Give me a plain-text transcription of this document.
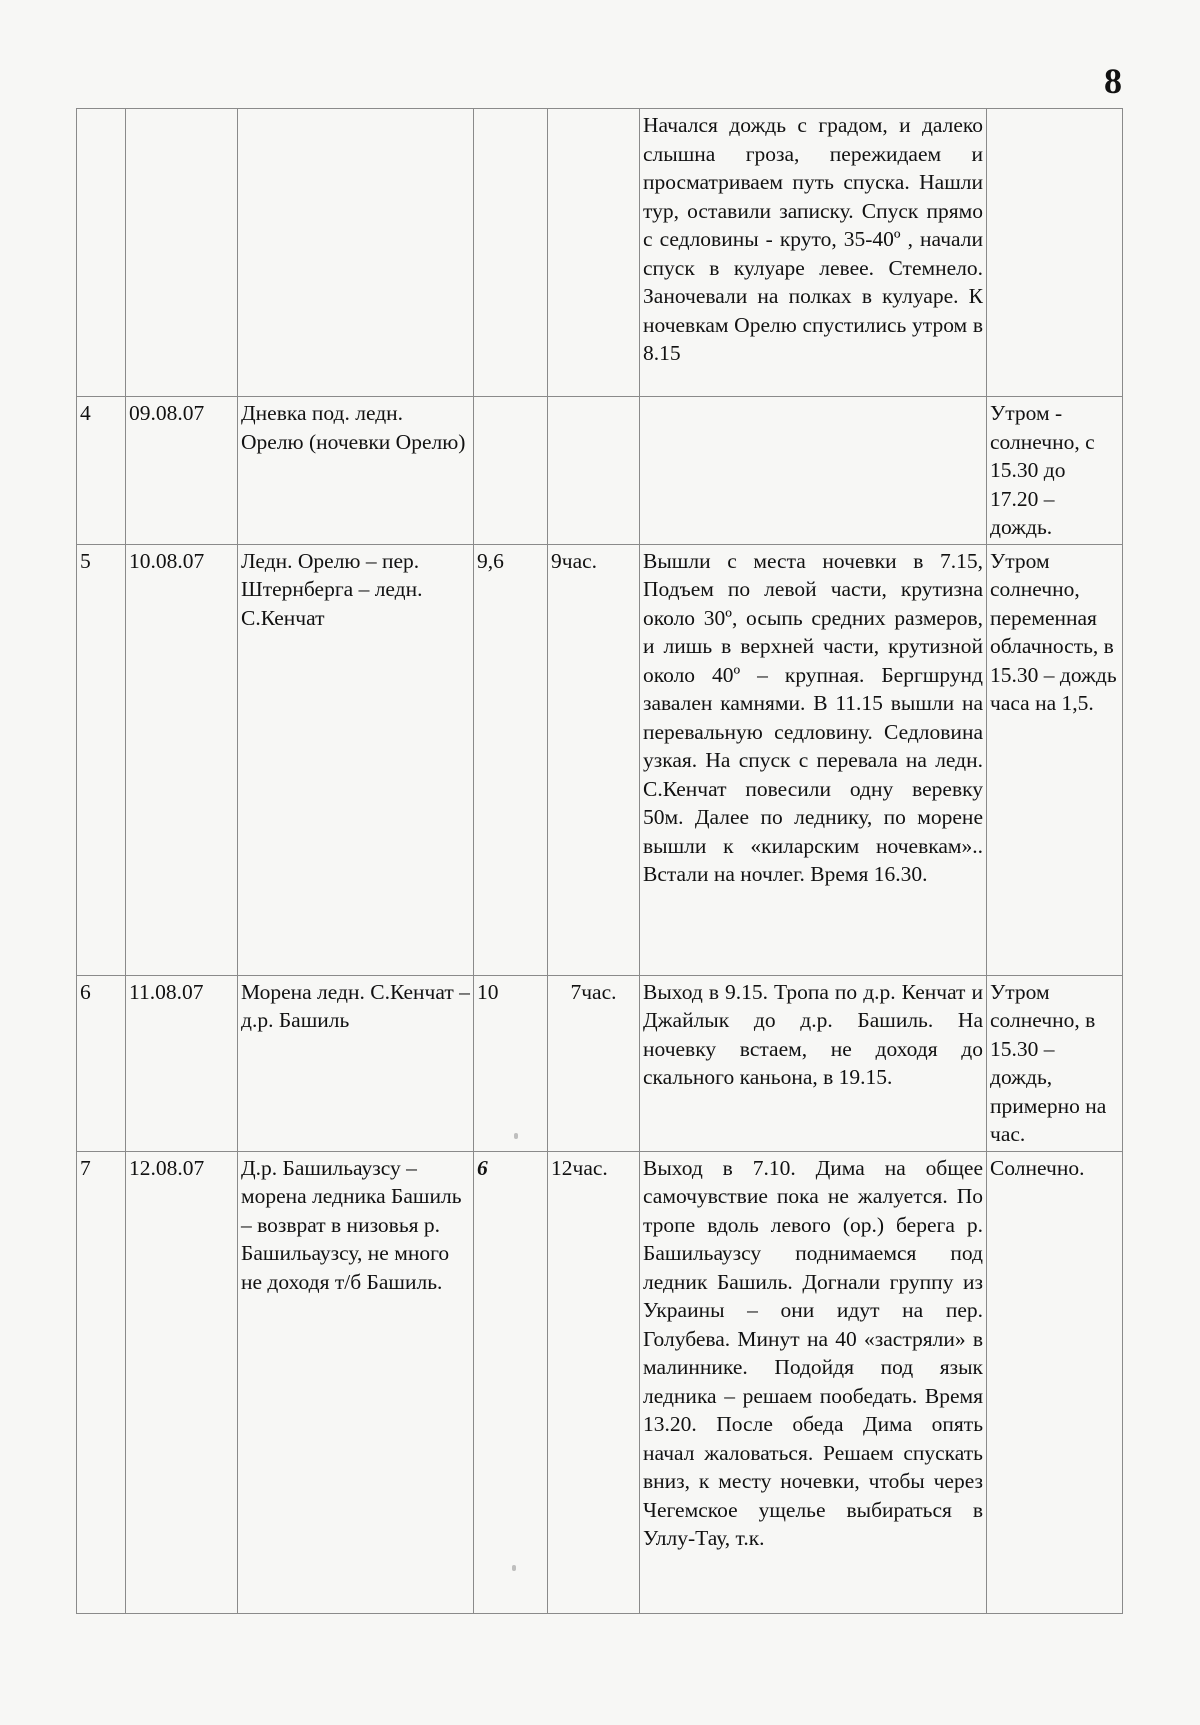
8
					Начался дождь с градом, и далеко слышна гроза, пережидаем и просматриваем путь спуска. Нашли тур, оставили записку. Спуск прямо с седловины - круто, 35-40º , начали спуск в кулуаре левее. Стемнело. Заночевали на полках в кулуаре. К ночевкам Орелю спустились утром в 8.15	
4	09.08.07	Дневка под. ледн. Орелю (ночевки Орелю)				Утром - солнечно, с 15.30 до 17.20 – дождь.
5	10.08.07	Ледн. Орелю – пер. Штернберга – ледн. С.Кенчат	9,6	9час.	Вышли с места ночевки в 7.15, Подъем по левой части, крутизна около 30º, осыпь средних размеров, и лишь в верхней части, крутизной около 40º – крупная. Бергшрунд завален камнями. В 11.15 вышли на перевальную седловину. Седловина узкая. На спуск с перевала на ледн. С.Кенчат повесили одну веревку 50м. Далее по леднику, по морене вышли к «киларским ночевкам».. Встали на ночлег. Время 16.30.	Утром солнечно, переменная облачность, в 15.30 – дождь часа на 1,5.
6	11.08.07	Морена ледн. С.Кенчат – д.р. Башиль	10	7час.	Выход в 9.15. Тропа по д.р. Кенчат и Джайлык до д.р. Башиль. На ночевку встаем, не доходя до скального каньона, в 19.15.	Утром солнечно, в 15.30 – дождь, примерно на час.
7	12.08.07	Д.р. Башильаузсу – морена ледника Башиль – возврат в низовья р. Башильаузсу, не много не доходя т/б Башиль.	6	12час.	Выход в 7.10. Дима на общее самочувствие пока не жалуется. По тропе вдоль левого (ор.) берега р. Башильаузсу поднимаемся под ледник Башиль. Догнали группу из Украины – они идут на пер. Голубева. Минут на 40 «застряли» в малиннике. Подойдя под язык ледника – решаем пообедать. Время 13.20. После обеда Дима опять начал жаловаться. Решаем спускать вниз, к месту ночевки, чтобы через Чегемское ущелье выбираться в Уллу-Тау, т.к.	Солнечно.
